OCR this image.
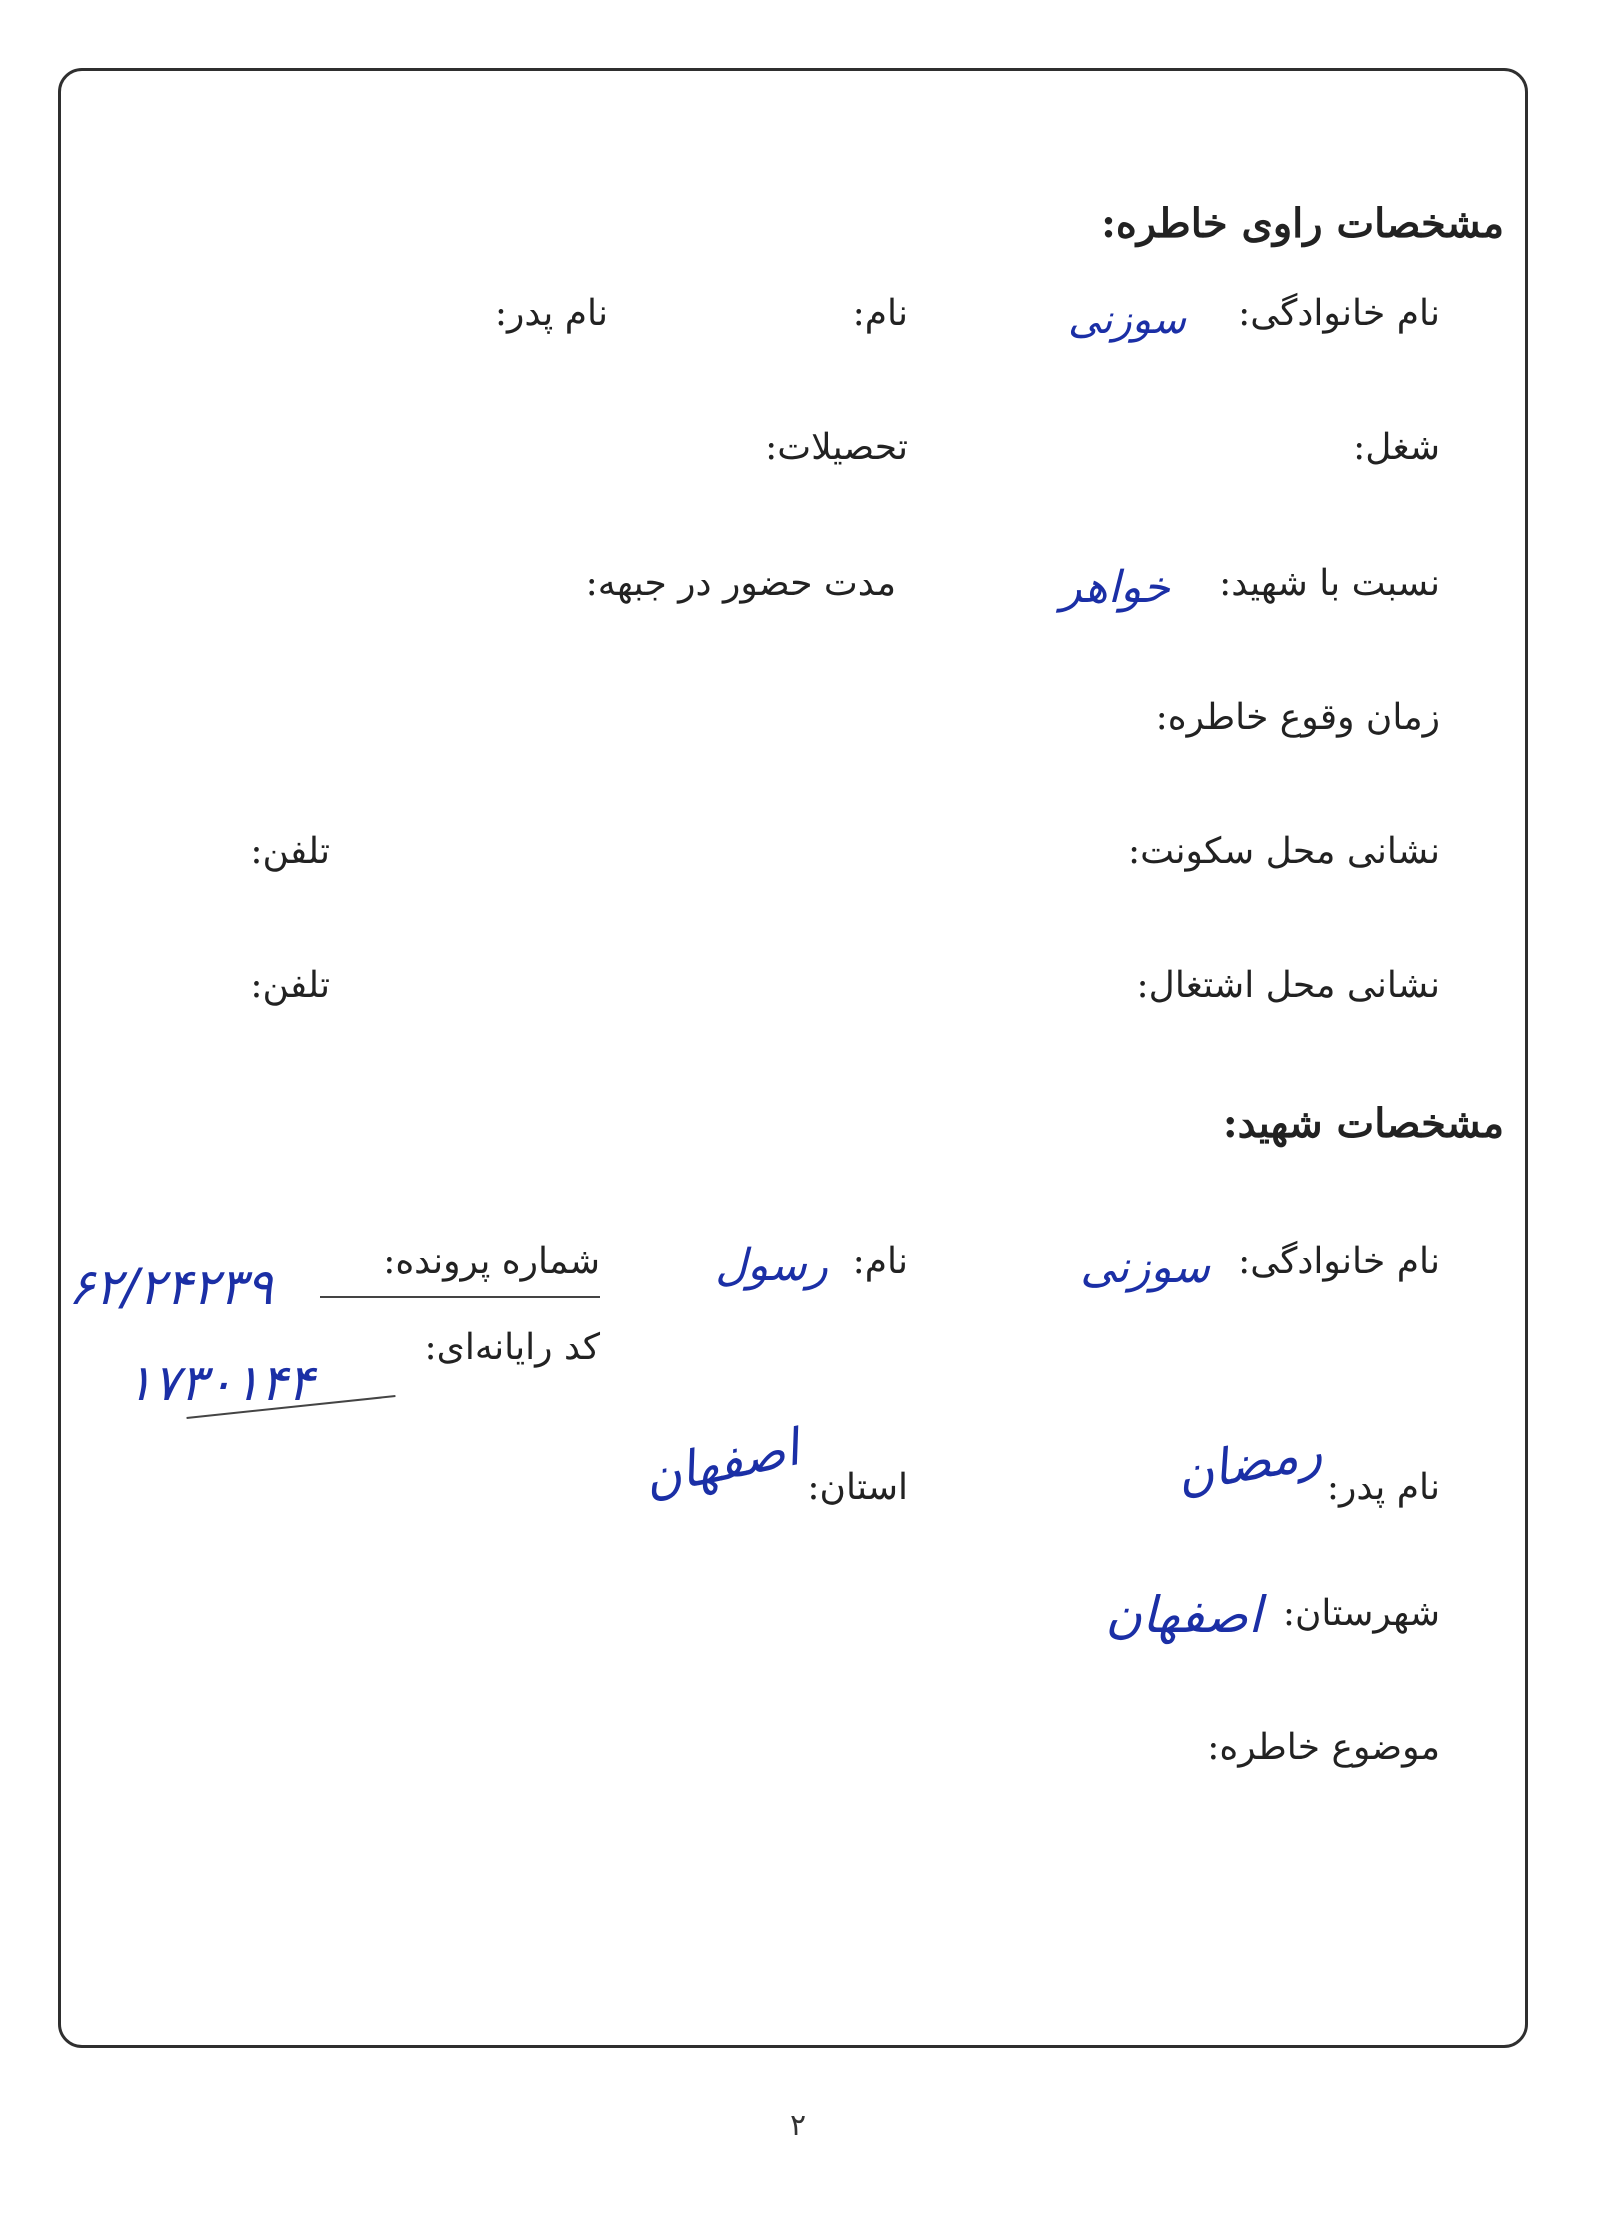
مشخصات راوی خاطره:
نام خانوادگی:
سوزنی
نام:
نام پدر:
شغل:
تحصیلات:
نسبت با شهید:
خواهر
مدت حضور در جبهه:
زمان وقوع خاطره:
نشانی محل سکونت:
تلفن:
نشانی محل اشتغال:
تلفن:
مشخصات شهید:
نام خانوادگی:
سوزنی
نام:
رسول
شماره پرونده:
۶۲/۲۴۲۳۹
کد رایانه‌ای:
۱۷۳۰۱۴۴
نام پدر:
رمضان
استان:
اصفهان
شهرستان:
اصفهان
موضوع خاطره:
۲
